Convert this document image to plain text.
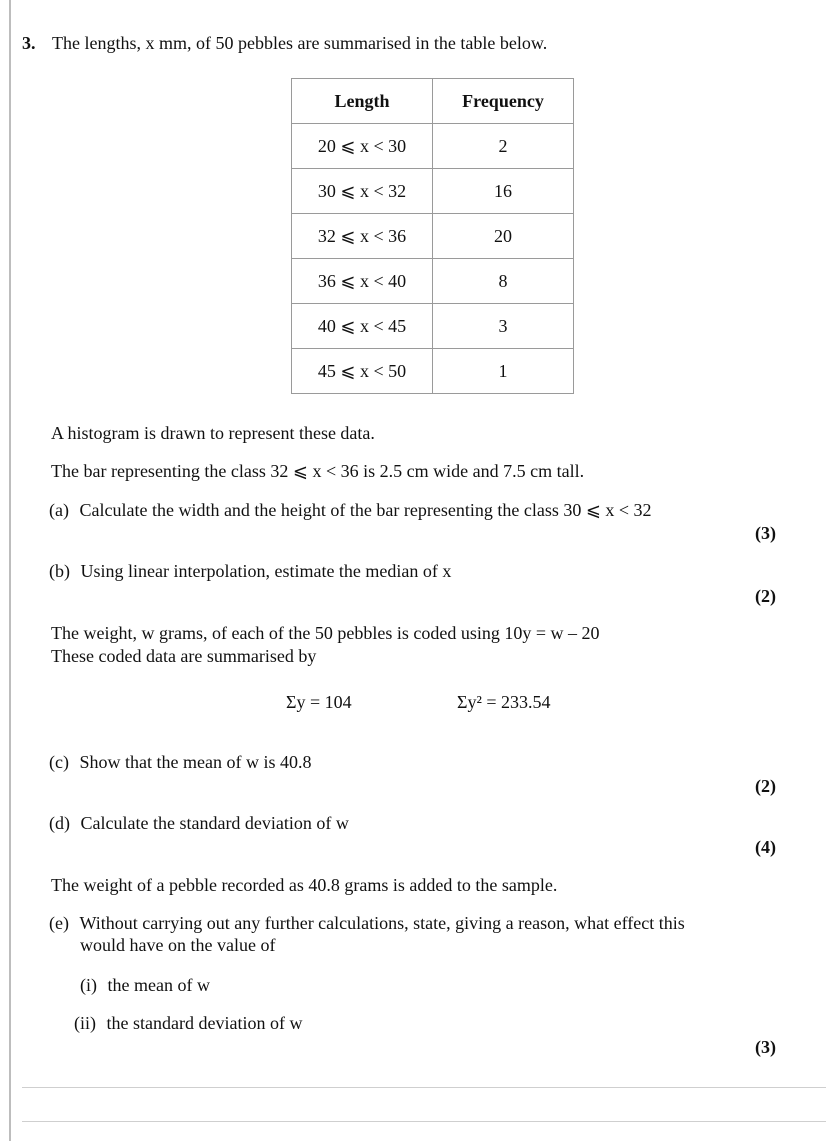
3. The lengths, x mm, of 50 pebbles are summarised in the table below.
Length	Frequency
20 ⩽ x < 30	2
30 ⩽ x < 32	16
32 ⩽ x < 36	20
36 ⩽ x < 40	8
40 ⩽ x < 45	3
45 ⩽ x < 50	1
A histogram is drawn to represent these data.
The bar representing the class 32 ⩽ x < 36 is 2.5 cm wide and 7.5 cm tall.
(a) Calculate the width and the height of the bar representing the class 30 ⩽ x < 32
(3)
(b) Using linear interpolation, estimate the median of x
(2)
The weight, w grams, of each of the 50 pebbles is coded using 10y = w – 20
These coded data are summarised by
Σy = 104	Σy² = 233.54
(c) Show that the mean of w is 40.8
(2)
(d) Calculate the standard deviation of w
(4)
The weight of a pebble recorded as 40.8 grams is added to the sample.
(e) Without carrying out any further calculations, state, giving a reason, what effect this
would have on the value of
(i) the mean of w
(ii) the standard deviation of w
(3)
